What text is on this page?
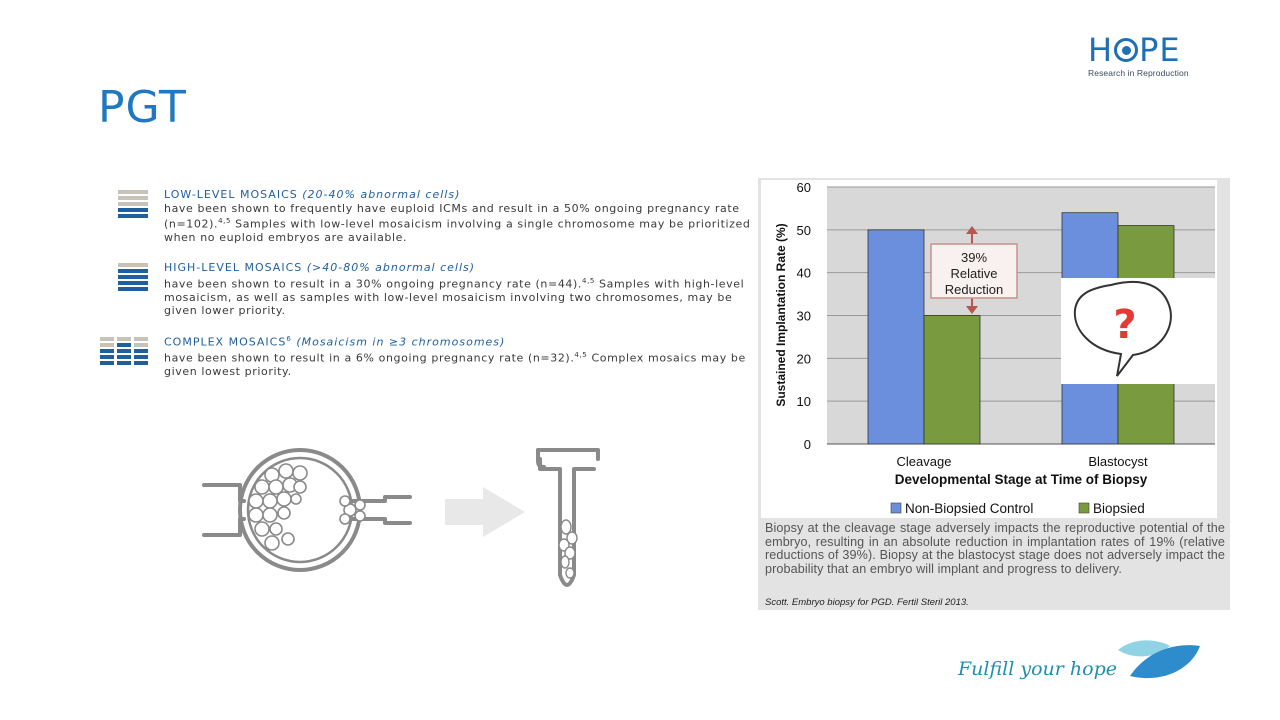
PGT
H PE
Research in Reproduction
LOW-LEVEL MOSAICS (20-40% abnormal cells)
have been shown to frequently have euploid ICMs and result in a 50% ongoing pregnancy rate (n=102).$^{4,5}$ Samples with low-level mosaicism involving a single chromosome may be prioritized when no euploid embryos are available.
HIGH-LEVEL MOSAICS (>40-80% abnormal cells)
have been shown to result in a 30% ongoing pregnancy rate (n=44).$^{4,5}$ Samples with high-level mosaicism, as well as samples with low-level mosaicism involving two chromosomes, may be given lower priority.
COMPLEX MOSAICS$^6$ (Mosaicism in ≥3 chromosomes)
have been shown to result in a 6% ongoing pregnancy rate (n=32).$^{4,5}$ Complex mosaics may be given lowest priority.
0
10
20
30
40
50
60
Cleavage	Blastocyst
39%
Relative
Reduction
?
Sustained Implantation Rate (%)
Developmental Stage at Time of Biopsy
Non-Biopsied Control	Biopsied
Biopsy at the cleavage stage adversely impacts the reproductive potential of the embryo, resulting in an absolute reduction in implantation rates of 19% (relative reductions of 39%). Biopsy at the blastocyst stage does not adversely impact the probability that an embryo will implant and progress to delivery.
Scott. Embryo biopsy for PGD. Fertil Steril 2013.
Fulfill your hope
